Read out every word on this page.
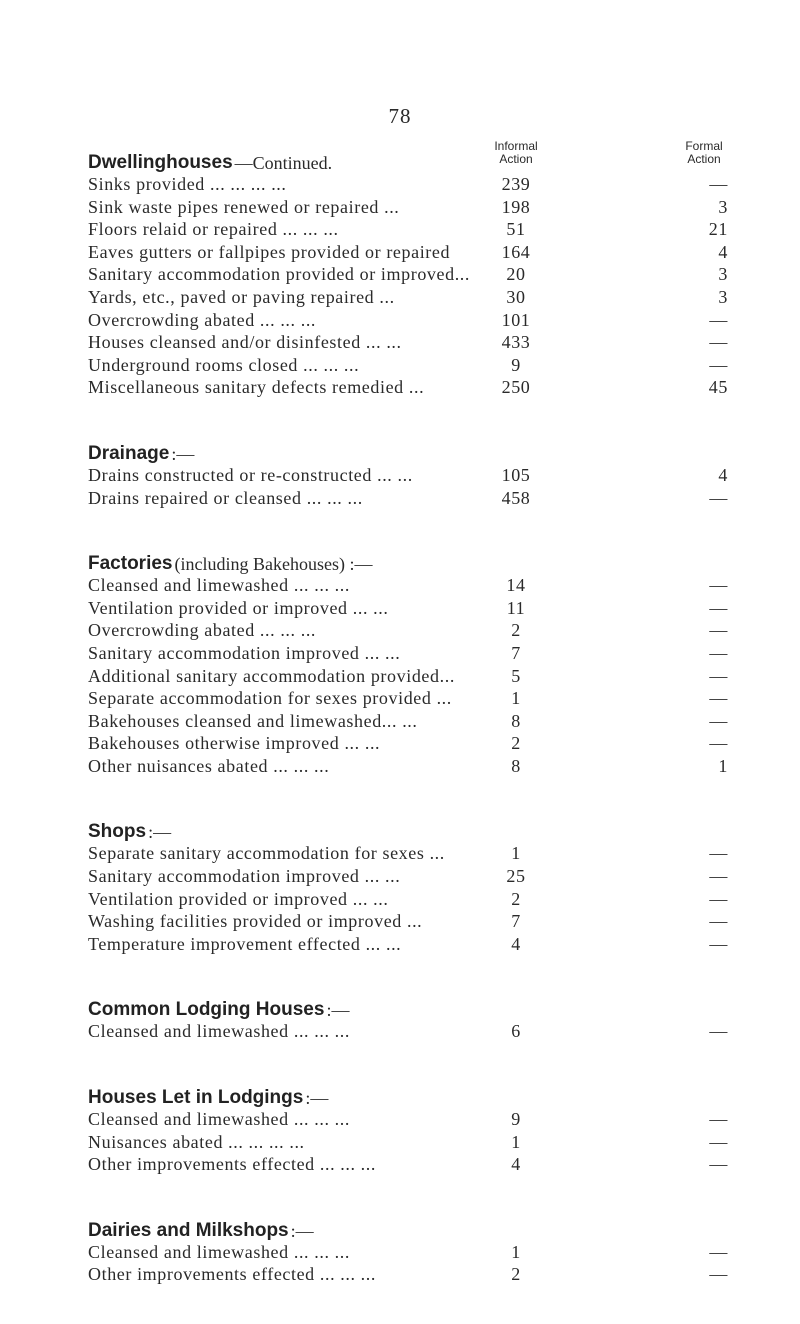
78
Informal
Action
Formal
Action
Dwellinghouses —Continued.
Sinks provided ... ... ... ...	239	—
Sink waste pipes renewed or repaired ...	198	3
Floors relaid or repaired ... ... ...	51	21
Eaves gutters or fallpipes provided or repaired	164	4
Sanitary accommodation provided or improved...	20	3
Yards, etc., paved or paving repaired ...	30	3
Overcrowding abated ... ... ...	101	—
Houses cleansed and/or disinfested ... ...	433	—
Underground rooms closed ... ... ...	9	—
Miscellaneous sanitary defects remedied ...	250	45
Drainage :—
Drains constructed or re-constructed ... ...	105	4
Drains repaired or cleansed ... ... ...	458	—
Factories (including Bakehouses) :—
Cleansed and limewashed ... ... ...	14	—
Ventilation provided or improved ... ...	11	—
Overcrowding abated ... ... ...	2	—
Sanitary accommodation improved ... ...	7	—
Additional sanitary accommodation provided...	5	—
Separate accommodation for sexes provided ...	1	—
Bakehouses cleansed and limewashed... ...	8	—
Bakehouses otherwise improved ... ...	2	—
Other nuisances abated ... ... ...	8	1
Shops :—
Separate sanitary accommodation for sexes ...	1	—
Sanitary accommodation improved ... ...	25	—
Ventilation provided or improved ... ...	2	—
Washing facilities provided or improved ...	7	—
Temperature improvement effected ... ...	4	—
Common Lodging Houses :—
Cleansed and limewashed ... ... ...	6	—
Houses Let in Lodgings :—
Cleansed and limewashed ... ... ...	9	—
Nuisances abated ... ... ... ...	1	—
Other improvements effected ... ... ...	4	—
Dairies and Milkshops :—
Cleansed and limewashed ... ... ...	1	—
Other improvements effected ... ... ...	2	—
